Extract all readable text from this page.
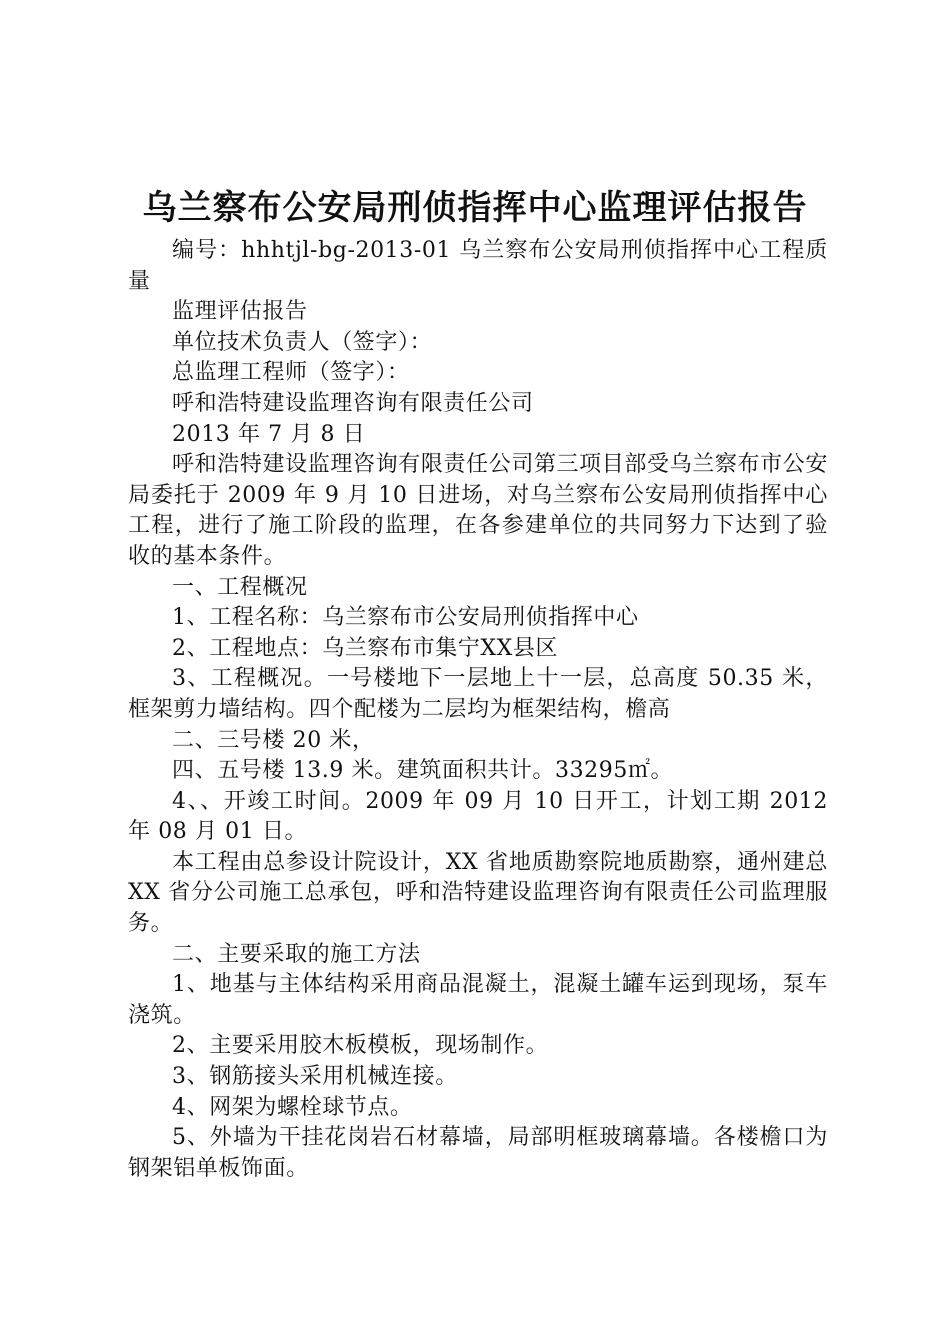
乌兰察布公安局刑侦指挥中心监理评估报告

编号：hhhtjl-bg-2013-01 乌兰察布公安局刑侦指挥中心工程质量

监理评估报告

单位技术负责人（签字）：

总监理工程师（签字）：

呼和浩特建设监理咨询有限责任公司

2013 年 7 月 8 日

呼和浩特建设监理咨询有限责任公司第三项目部受乌兰察布市公安局委托于 2009 年 9 月 10 日进场，对乌兰察布公安局刑侦指挥中心工程，进行了施工阶段的监理，在各参建单位的共同努力下达到了验收的基本条件。

一、工程概况

1、工程名称：乌兰察布市公安局刑侦指挥中心

2、工程地点：乌兰察布市集宁XX县区

3、工程概况。一号楼地下一层地上十一层，总高度 50.35 米，框架剪力墙结构。四个配楼为二层均为框架结构，檐高

二、三号楼 20 米，

四、五号楼 13.9 米。建筑面积共计。33295㎡。

4、、开竣工时间。2009 年 09 月 10 日开工，计划工期 2012 年 08 月 01 日。

本工程由总参设计院设计，XX 省地质勘察院地质勘察，通州建总 XX 省分公司施工总承包，呼和浩特建设监理咨询有限责任公司监理服务。

二、主要采取的施工方法

1、地基与主体结构采用商品混凝土，混凝土罐车运到现场，泵车浇筑。

2、主要采用胶木板模板，现场制作。

3、钢筋接头采用机械连接。

4、网架为螺栓球节点。

5、外墙为干挂花岗岩石材幕墙，局部明框玻璃幕墙。各楼檐口为钢架铝单板饰面。
